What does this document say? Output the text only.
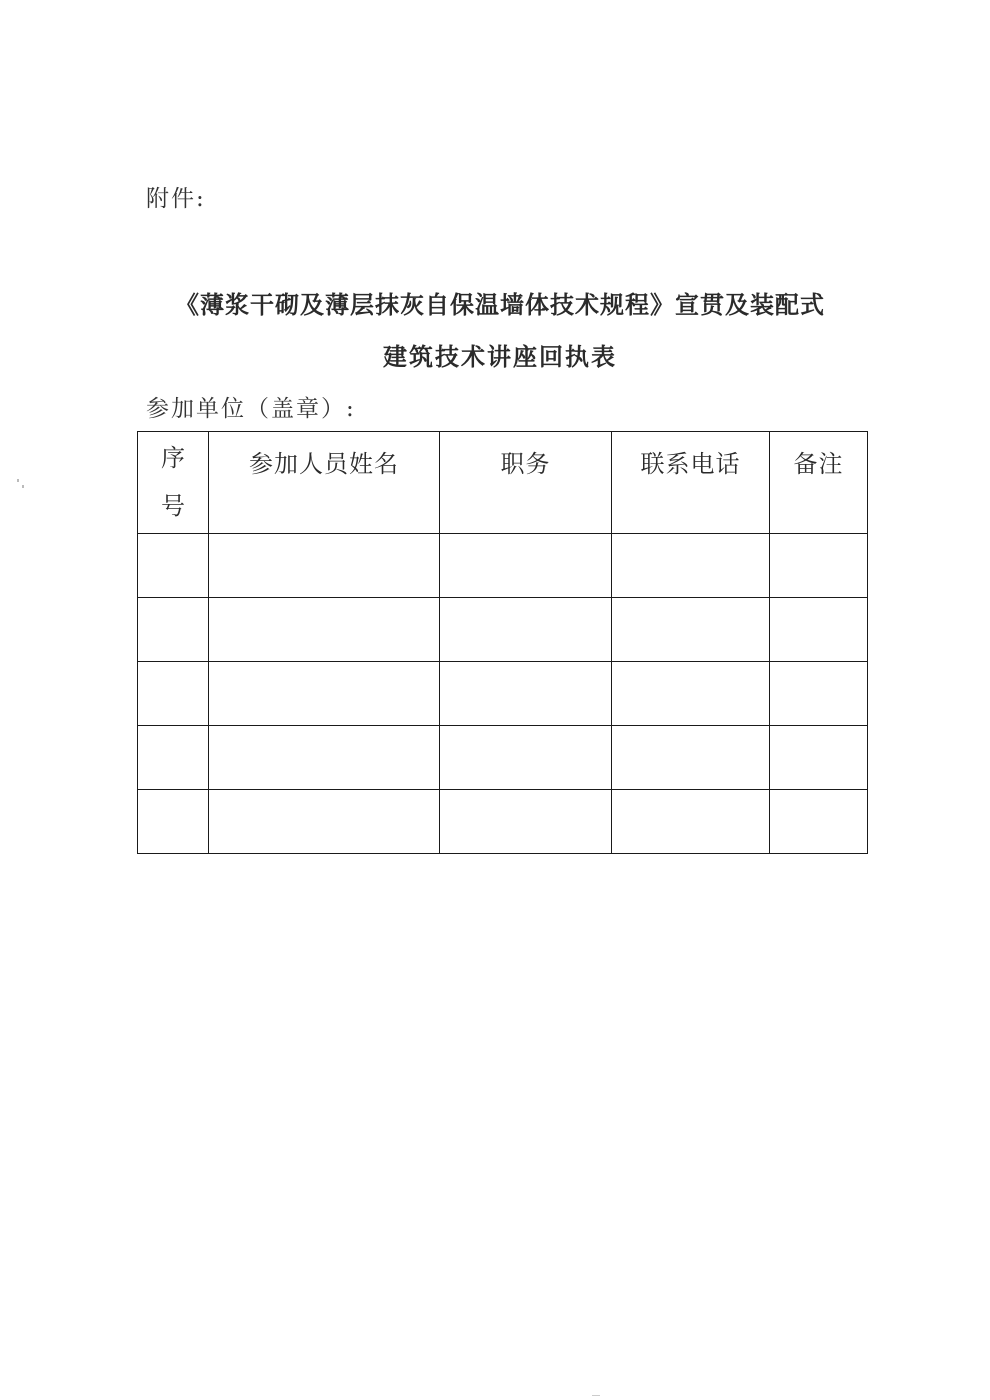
附件:
《薄浆干砌及薄层抹灰自保温墙体技术规程》宣贯及装配式
建筑技术讲座回执表
参加单位（盖章）:
序号	参加人员姓名	职务	联系电话	备注
